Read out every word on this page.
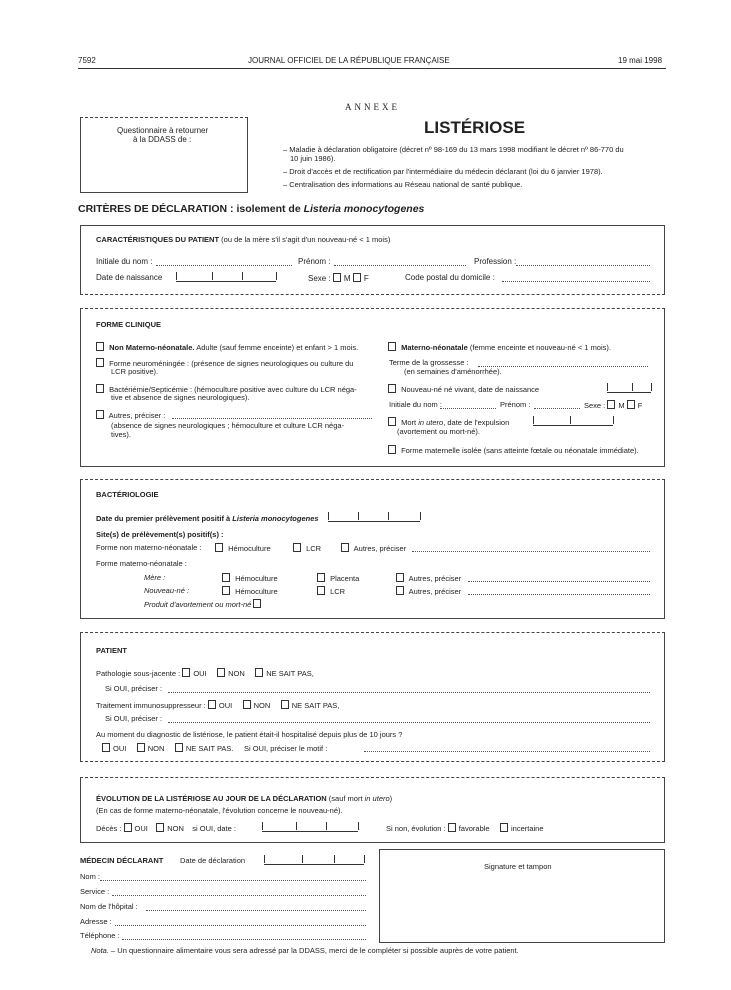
7592	JOURNAL OFFICIEL DE LA RÉPUBLIQUE FRANÇAISE	19 mai 1998
ANNEXE
Questionnaire à retourner
à la DDASS de :
LISTÉRIOSE
– Maladie à déclaration obligatoire (décret nº 98-169 du 13 mars 1998 modifiant le décret nº 86-770 du
10 juin 1986).
– Droit d'accès et de rectification par l'intermédiaire du médecin déclarant (loi du 6 janvier 1978).
– Centralisation des informations au Réseau national de santé publique.
CRITÈRES DE DÉCLARATION : isolement de Listeria monocytogenes
CARACTÉRISTIQUES DU PATIENT (ou de la mère s'il s'agit d'un nouveau-né < 1 mois)
Initiale du nom :	Prénom :	Profession :
Date de naissance	Sexe : M F	Code postal du domicile :
FORME CLINIQUE
Non Materno-néonatale. Adulte (sauf femme enceinte) et enfant > 1 mois.
Forme neuroméningée : (présence de signes neurologiques ou culture du
LCR positive).
Bactériémie/Septicémie : (hémoculture positive avec culture du LCR néga-
tive et absence de signes neurologiques).
Autres, préciser :
(absence de signes neurologiques ; hémoculture et culture LCR néga-
tives).
Materno-néonatale (femme enceinte et nouveau-né < 1 mois).
Terme de la grossesse :
(en semaines d'aménorrhée).
Nouveau-né né vivant, date de naissance
Initiale du nom :	Prénom :	Sexe : M F
Mort in utero, date de l'expulsion
(avortement ou mort-né).
Forme maternelle isolée (sans atteinte fœtale ou néonatale immédiate).
BACTÉRIOLOGIE
Date du premier prélèvement positif à Listeria monocytogenes
Site(s) de prélèvement(s) positif(s) :
Forme non materno-néonatale :	Hémoculture	LCR	Autres, préciser
Forme materno-néonatale :
Mère :	Hémoculture	Placenta	Autres, préciser
Nouveau-né :	Hémoculture	LCR	Autres, préciser
Produit d'avortement ou mort-né
PATIENT
Pathologie sous-jacente : OUI	NON	NE SAIT PAS,
Si OUI, préciser :
Traitement immunosuppresseur : OUI	NON	NE SAIT PAS,
Si OUI, préciser :
Au moment du diagnostic de listériose, le patient était-il hospitalisé depuis plus de 10 jours ?
OUI	NON	NE SAIT PAS. Si OUI, préciser le motif :
ÉVOLUTION DE LA LISTÉRIOSE AU JOUR DE LA DÉCLARATION (sauf mort in utero)
(En cas de forme materno-néonatale, l'évolution concerne le nouveau-né).
Décès : OUI	NON si OUI, date :	Si non, évolution : favorable	incertaine
MÉDECIN DÉCLARANT Date de déclaration
Nom :
Service :
Nom de l'hôpital :
Adresse :
Téléphone :
Signature et tampon
Nota. – Un questionnaire alimentaire vous sera adressé par la DDASS, merci de le compléter si possible auprès de votre patient.
